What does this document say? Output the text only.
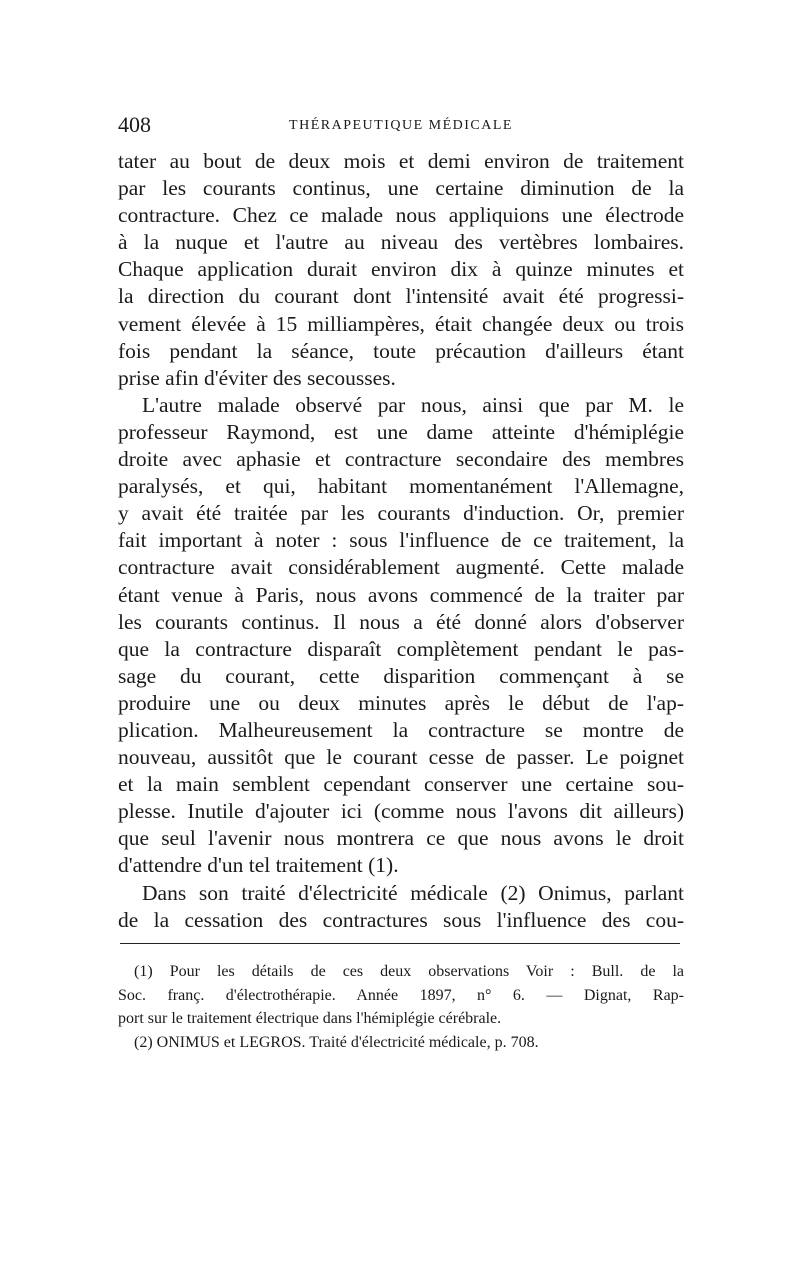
408	THÉRAPEUTIQUE MÉDICALE
tater au bout de deux mois et demi environ de traitement
par les courants continus, une certaine diminution de la
contracture. Chez ce malade nous appliquions une électrode
à la nuque et l'autre au niveau des vertèbres lombaires.
Chaque application durait environ dix à quinze minutes et
la direction du courant dont l'intensité avait été progressi-
vement élevée à 15 milliampères, était changée deux ou trois
fois pendant la séance, toute précaution d'ailleurs étant
prise afin d'éviter des secousses.
L'autre malade observé par nous, ainsi que par M. le
professeur Raymond, est une dame atteinte d'hémiplégie
droite avec aphasie et contracture secondaire des membres
paralysés, et qui, habitant momentanément l'Allemagne,
y avait été traitée par les courants d'induction. Or, premier
fait important à noter : sous l'influence de ce traitement, la
contracture avait considérablement augmenté. Cette malade
étant venue à Paris, nous avons commencé de la traiter par
les courants continus. Il nous a été donné alors d'observer
que la contracture disparaît complètement pendant le pas-
sage du courant, cette disparition commençant à se
produire une ou deux minutes après le début de l'ap-
plication. Malheureusement la contracture se montre de
nouveau, aussitôt que le courant cesse de passer. Le poignet
et la main semblent cependant conserver une certaine sou-
plesse. Inutile d'ajouter ici (comme nous l'avons dit ailleurs)
que seul l'avenir nous montrera ce que nous avons le droit
d'attendre d'un tel traitement (1).
Dans son traité d'électricité médicale (2) Onimus, parlant
de la cessation des contractures sous l'influence des cou-
(1) Pour les détails de ces deux observations Voir : Bull. de la
Soc. franç. d'électrothérapie. Année 1897, n° 6. — Dignat, Rap-
port sur le traitement électrique dans l'hémiplégie cérébrale.
(2) ONIMUS et LEGROS. Traité d'électricité médicale, p. 708.
